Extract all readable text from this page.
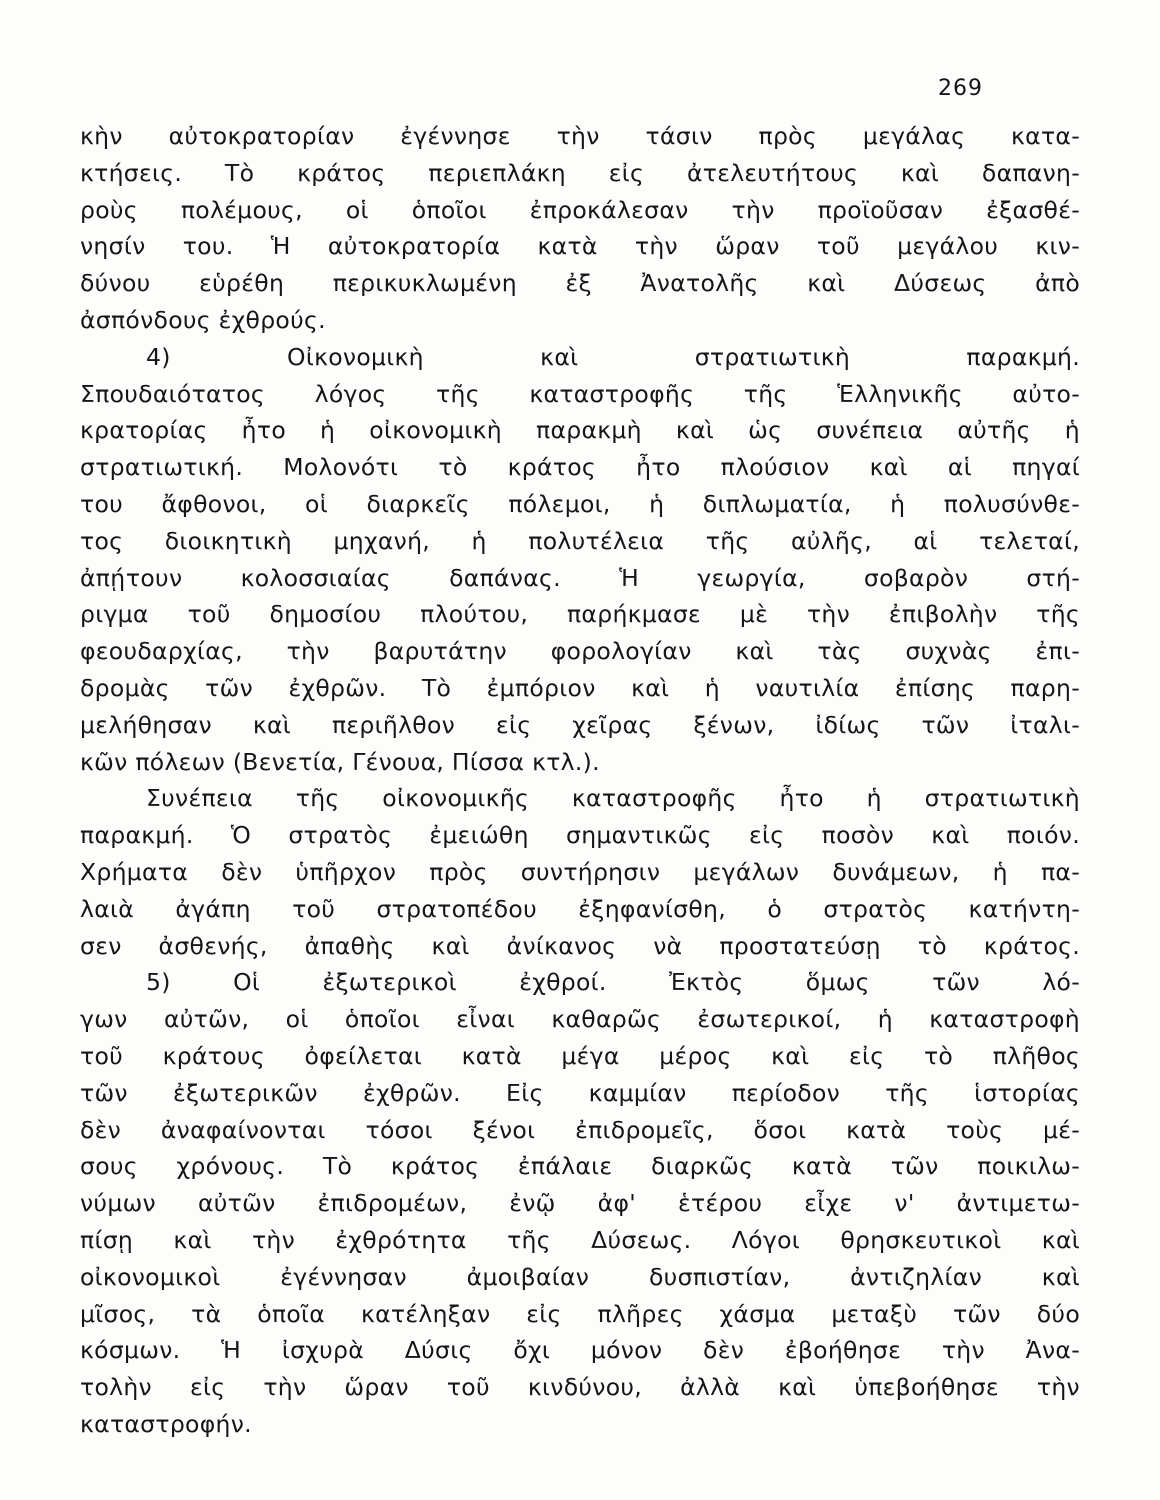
269
κὴν αὐτοκρατορίαν ἐγέννησε τὴν τάσιν πρὸς μεγάλας κατα-
κτήσεις. Τὸ κράτος περιεπλάκη εἰς ἀτελευτήτους καὶ δαπανη-
ροὺς πολέμους, οἱ ὁποῖοι ἐπροκάλεσαν τὴν προϊοῦσαν ἐξασθέ-
νησίν του. Ἡ αὐτοκρατορία κατὰ τὴν ὥραν τοῦ μεγάλου κιν-
δύνου εὑρέθη περικυκλωμένη ἐξ Ἀνατολῆς καὶ Δύσεως ἀπὸ
ἀσπόνδους ἐχθρούς.
4) Οἰκονομικὴ καὶ στρατιωτικὴ παρακμή.
Σπουδαιότατος λόγος τῆς καταστροφῆς τῆς Ἑλληνικῆς αὐτο-
κρατορίας ἦτο ἡ οἰκονομικὴ παρακμὴ καὶ ὡς συνέπεια αὐτῆς ἡ
στρατιωτική. Μολονότι τὸ κράτος ἦτο πλούσιον καὶ αἱ πηγαί
του ἄφθονοι, οἱ διαρκεῖς πόλεμοι, ἡ διπλωματία, ἡ πολυσύνθε-
τος διοικητικὴ μηχανή, ἡ πολυτέλεια τῆς αὐλῆς, αἱ τελεταί,
ἀπῄτουν κολοσσιαίας δαπάνας. Ἡ γεωργία, σοβαρὸν στή-
ριγμα τοῦ δημοσίου πλούτου, παρήκμασε μὲ τὴν ἐπιβολὴν τῆς
φεουδαρχίας, τὴν βαρυτάτην φορολογίαν καὶ τὰς συχνὰς ἐπι-
δρομὰς τῶν ἐχθρῶν. Τὸ ἐμπόριον καὶ ἡ ναυτιλία ἐπίσης παρη-
μελήθησαν καὶ περιῆλθον εἰς χεῖρας ξένων, ἰδίως τῶν ἰταλι-
κῶν πόλεων (Βενετία, Γένουα, Πίσσα κτλ.).
Συνέπεια τῆς οἰκονομικῆς καταστροφῆς ἦτο ἡ στρατιωτικὴ
παρακμή. Ὁ στρατὸς ἐμειώθη σημαντικῶς εἰς ποσὸν καὶ ποιόν.
Χρήματα δὲν ὑπῆρχον πρὸς συντήρησιν μεγάλων δυνάμεων, ἡ πα-
λαιὰ ἀγάπη τοῦ στρατοπέδου ἐξηφανίσθη, ὁ στρατὸς κατήντη-
σεν ἀσθενής, ἀπαθὴς καὶ ἀνίκανος νὰ προστατεύσῃ τὸ κράτος.
5) Οἱ ἐξωτερικοὶ ἐχθροί. Ἐκτὸς ὅμως τῶν λό-
γων αὐτῶν, οἱ ὁποῖοι εἶναι καθαρῶς ἐσωτερικοί, ἡ καταστροφὴ
τοῦ κράτους ὀφείλεται κατὰ μέγα μέρος καὶ εἰς τὸ πλῆθος
τῶν ἐξωτερικῶν ἐχθρῶν. Εἰς καμμίαν περίοδον τῆς ἱστορίας
δὲν ἀναφαίνονται τόσοι ξένοι ἐπιδρομεῖς, ὅσοι κατὰ τοὺς μέ-
σους χρόνους. Τὸ κράτος ἐπάλαιε διαρκῶς κατὰ τῶν ποικιλω-
νύμων αὐτῶν ἐπιδρομέων, ἐνῷ ἀφ' ἑτέρου εἶχε ν' ἀντιμετω-
πίσῃ καὶ τὴν ἐχθρότητα τῆς Δύσεως. Λόγοι θρησκευτικοὶ καὶ
οἰκονομικοὶ ἐγέννησαν ἀμοιβαίαν δυσπιστίαν, ἀντιζηλίαν καὶ
μῖσος, τὰ ὁποῖα κατέληξαν εἰς πλῆρες χάσμα μεταξὺ τῶν δύο
κόσμων. Ἡ ἰσχυρὰ Δύσις ὄχι μόνον δὲν ἐβοήθησε τὴν Ἀνα-
τολὴν εἰς τὴν ὥραν τοῦ κινδύνου, ἀλλὰ καὶ ὑπεβοήθησε τὴν
καταστροφήν.
